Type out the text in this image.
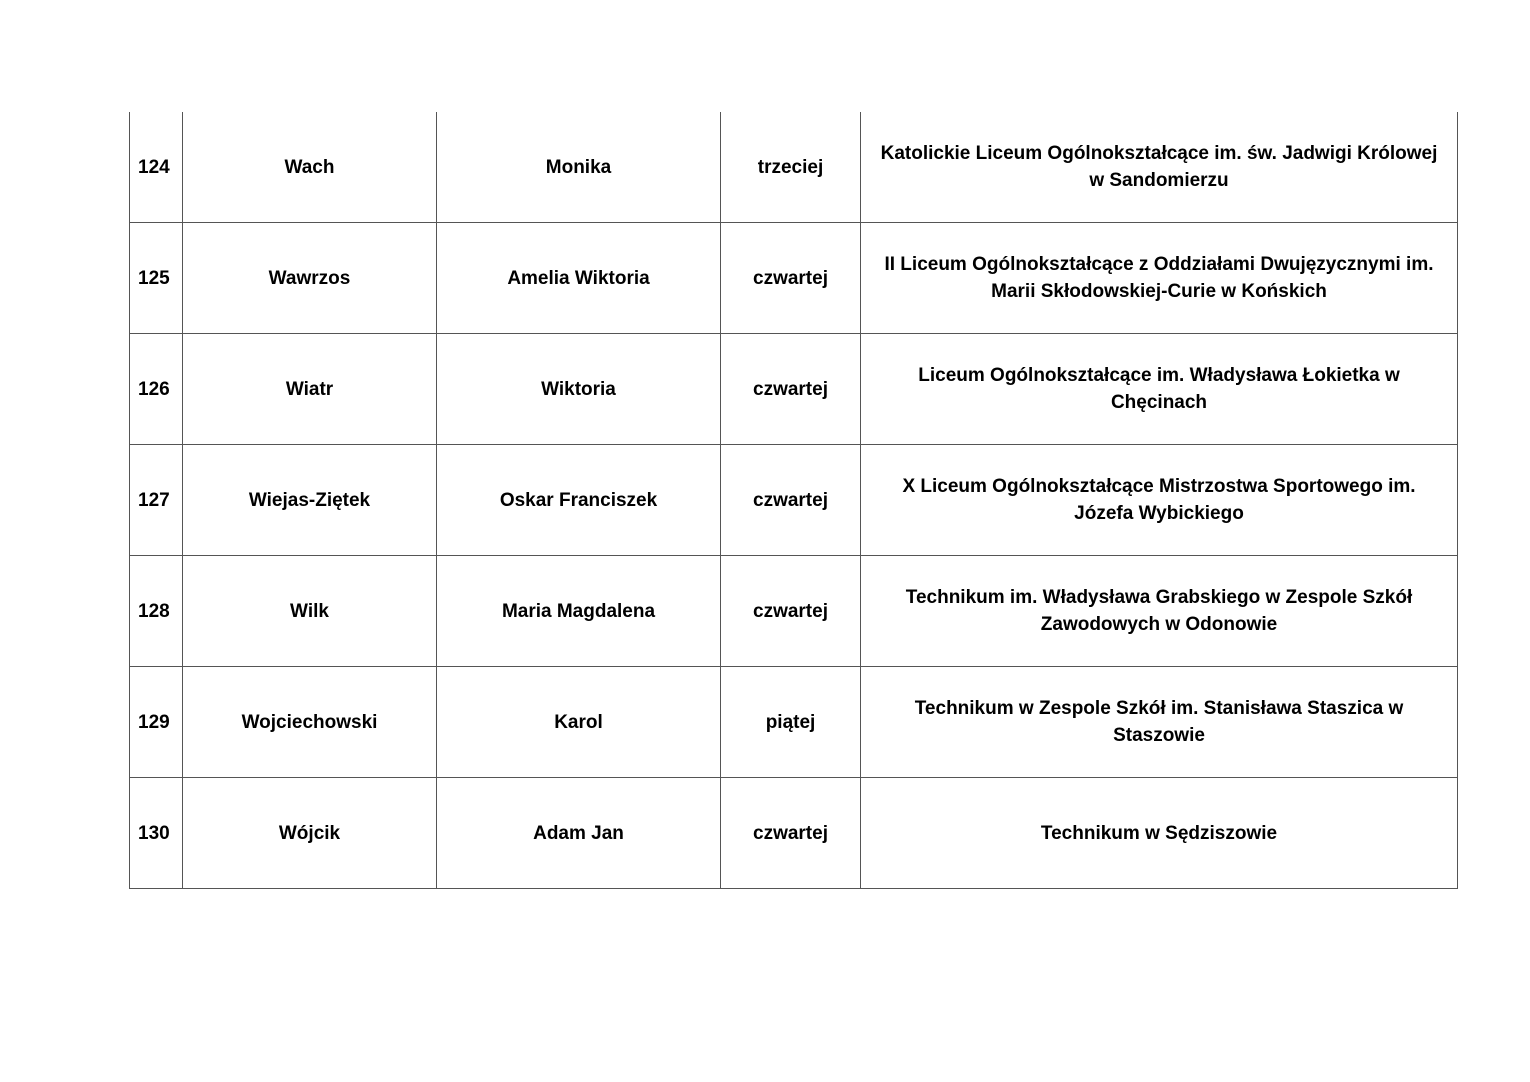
124	Wach	Monika	trzeciej	Katolickie Liceum Ogólnokształcące im. św. Jadwigi Królowej w Sandomierzu
125	Wawrzos	Amelia Wiktoria	czwartej	II Liceum Ogólnokształcące z Oddziałami Dwujęzycznymi im. Marii Skłodowskiej-Curie w Końskich
126	Wiatr	Wiktoria	czwartej	Liceum Ogólnokształcące im. Władysława Łokietka w Chęcinach
127	Wiejas-Ziętek	Oskar Franciszek	czwartej	X Liceum Ogólnokształcące Mistrzostwa Sportowego im. Józefa Wybickiego
128	Wilk	Maria Magdalena	czwartej	Technikum im. Władysława Grabskiego w Zespole Szkół Zawodowych w Odonowie
129	Wojciechowski	Karol	piątej	Technikum w Zespole Szkół im. Stanisława Staszica w Staszowie
130	Wójcik	Adam Jan	czwartej	Technikum w Sędziszowie
